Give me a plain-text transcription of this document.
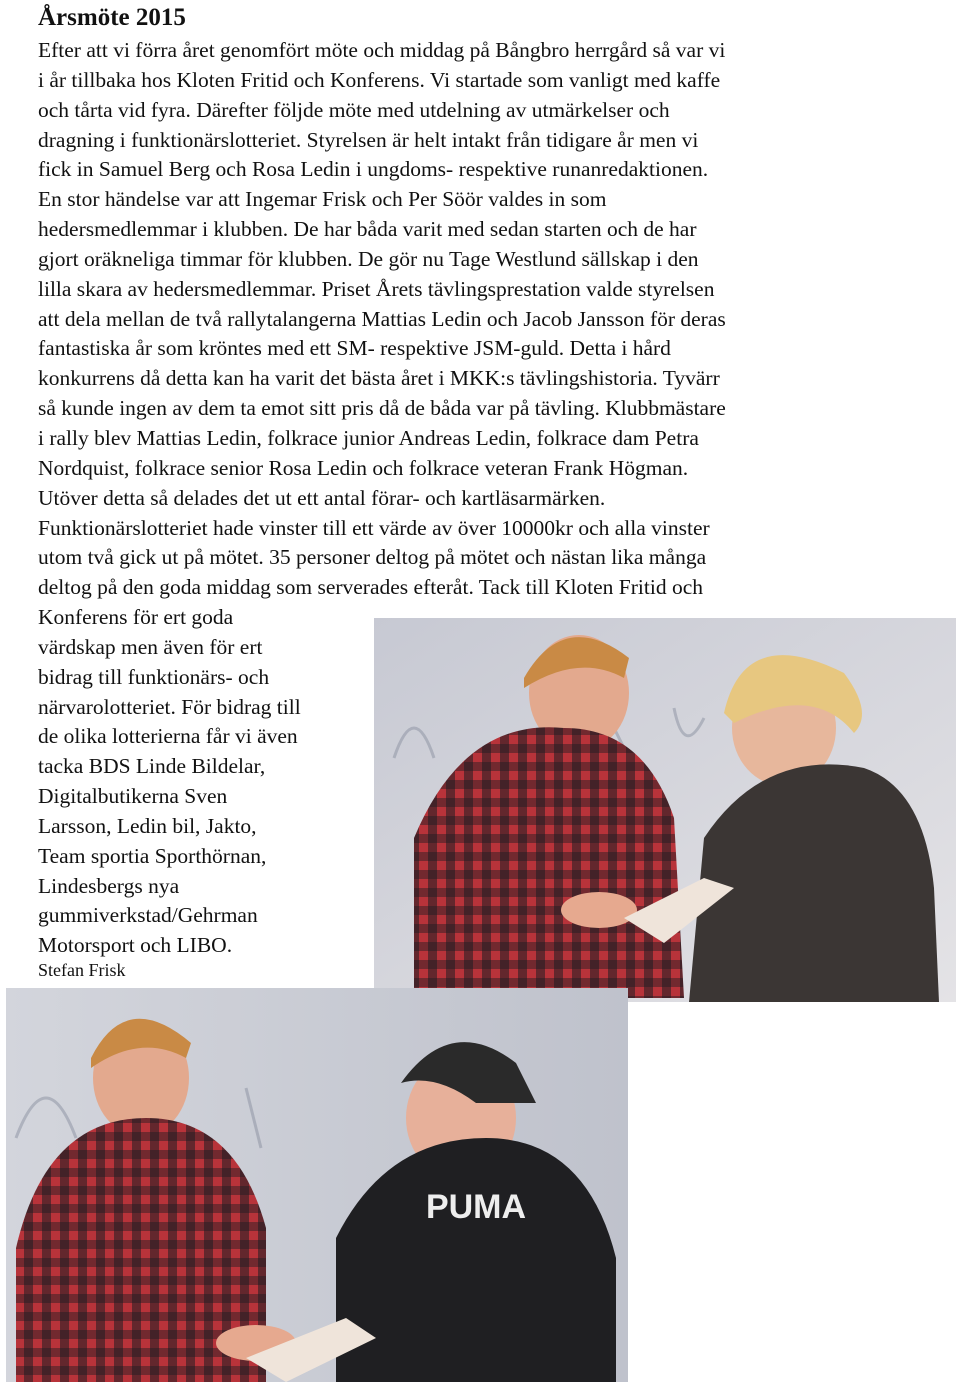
Årsmöte 2015
Efter att vi förra året genomfört möte och middag på Bångbro herrgård så var vi
i år tillbaka hos Kloten Fritid och Konferens. Vi startade som vanligt med kaffe
och tårta vid fyra. Därefter följde möte med utdelning av utmärkelser och
dragning i funktionärslotteriet. Styrelsen är helt intakt från tidigare år men vi
fick in Samuel Berg och Rosa Ledin i ungdoms- respektive runanredaktionen.
En stor händelse var att Ingemar Frisk och Per Söör valdes in som
hedersmedlemmar i klubben. De har båda varit med sedan starten och de har
gjort oräkneliga timmar för klubben. De gör nu Tage Westlund sällskap i den
lilla skara av hedersmedlemmar. Priset Årets tävlingsprestation valde styrelsen
att dela mellan de två rallytalangerna Mattias Ledin och Jacob Jansson för deras
fantastiska år som kröntes med ett SM- respektive JSM-guld. Detta i hård
konkurrens då detta kan ha varit det bästa året i MKK:s tävlingshistoria. Tyvärr
så kunde ingen av dem ta emot sitt pris då de båda var på tävling. Klubbmästare
i rally blev Mattias Ledin, folkrace junior Andreas Ledin, folkrace dam Petra
Nordquist, folkrace senior Rosa Ledin och folkrace veteran Frank Högman.
Utöver detta så delades det ut ett antal förar- och kartläsarmärken.
Funktionärslotteriet hade vinster till ett värde av över 10000kr och alla vinster
utom två gick ut på mötet. 35 personer deltog på mötet och nästan lika många
deltog på den goda middag som serverades efteråt. Tack till Kloten Fritid och
Konferens för ert goda
värdskap men även för ert
bidrag till funktionärs- och
närvarolotteriet. För bidrag till
de olika lotterierna får vi även
tacka BDS Linde Bildelar,
Digitalbutikerna Sven
Larsson, Ledin bil, Jakto,
Team sportia Sporthörnan,
Lindesbergs nya
gummiverkstad/Gehrman
Motorsport och LIBO.
Stefan Frisk
PUMA
